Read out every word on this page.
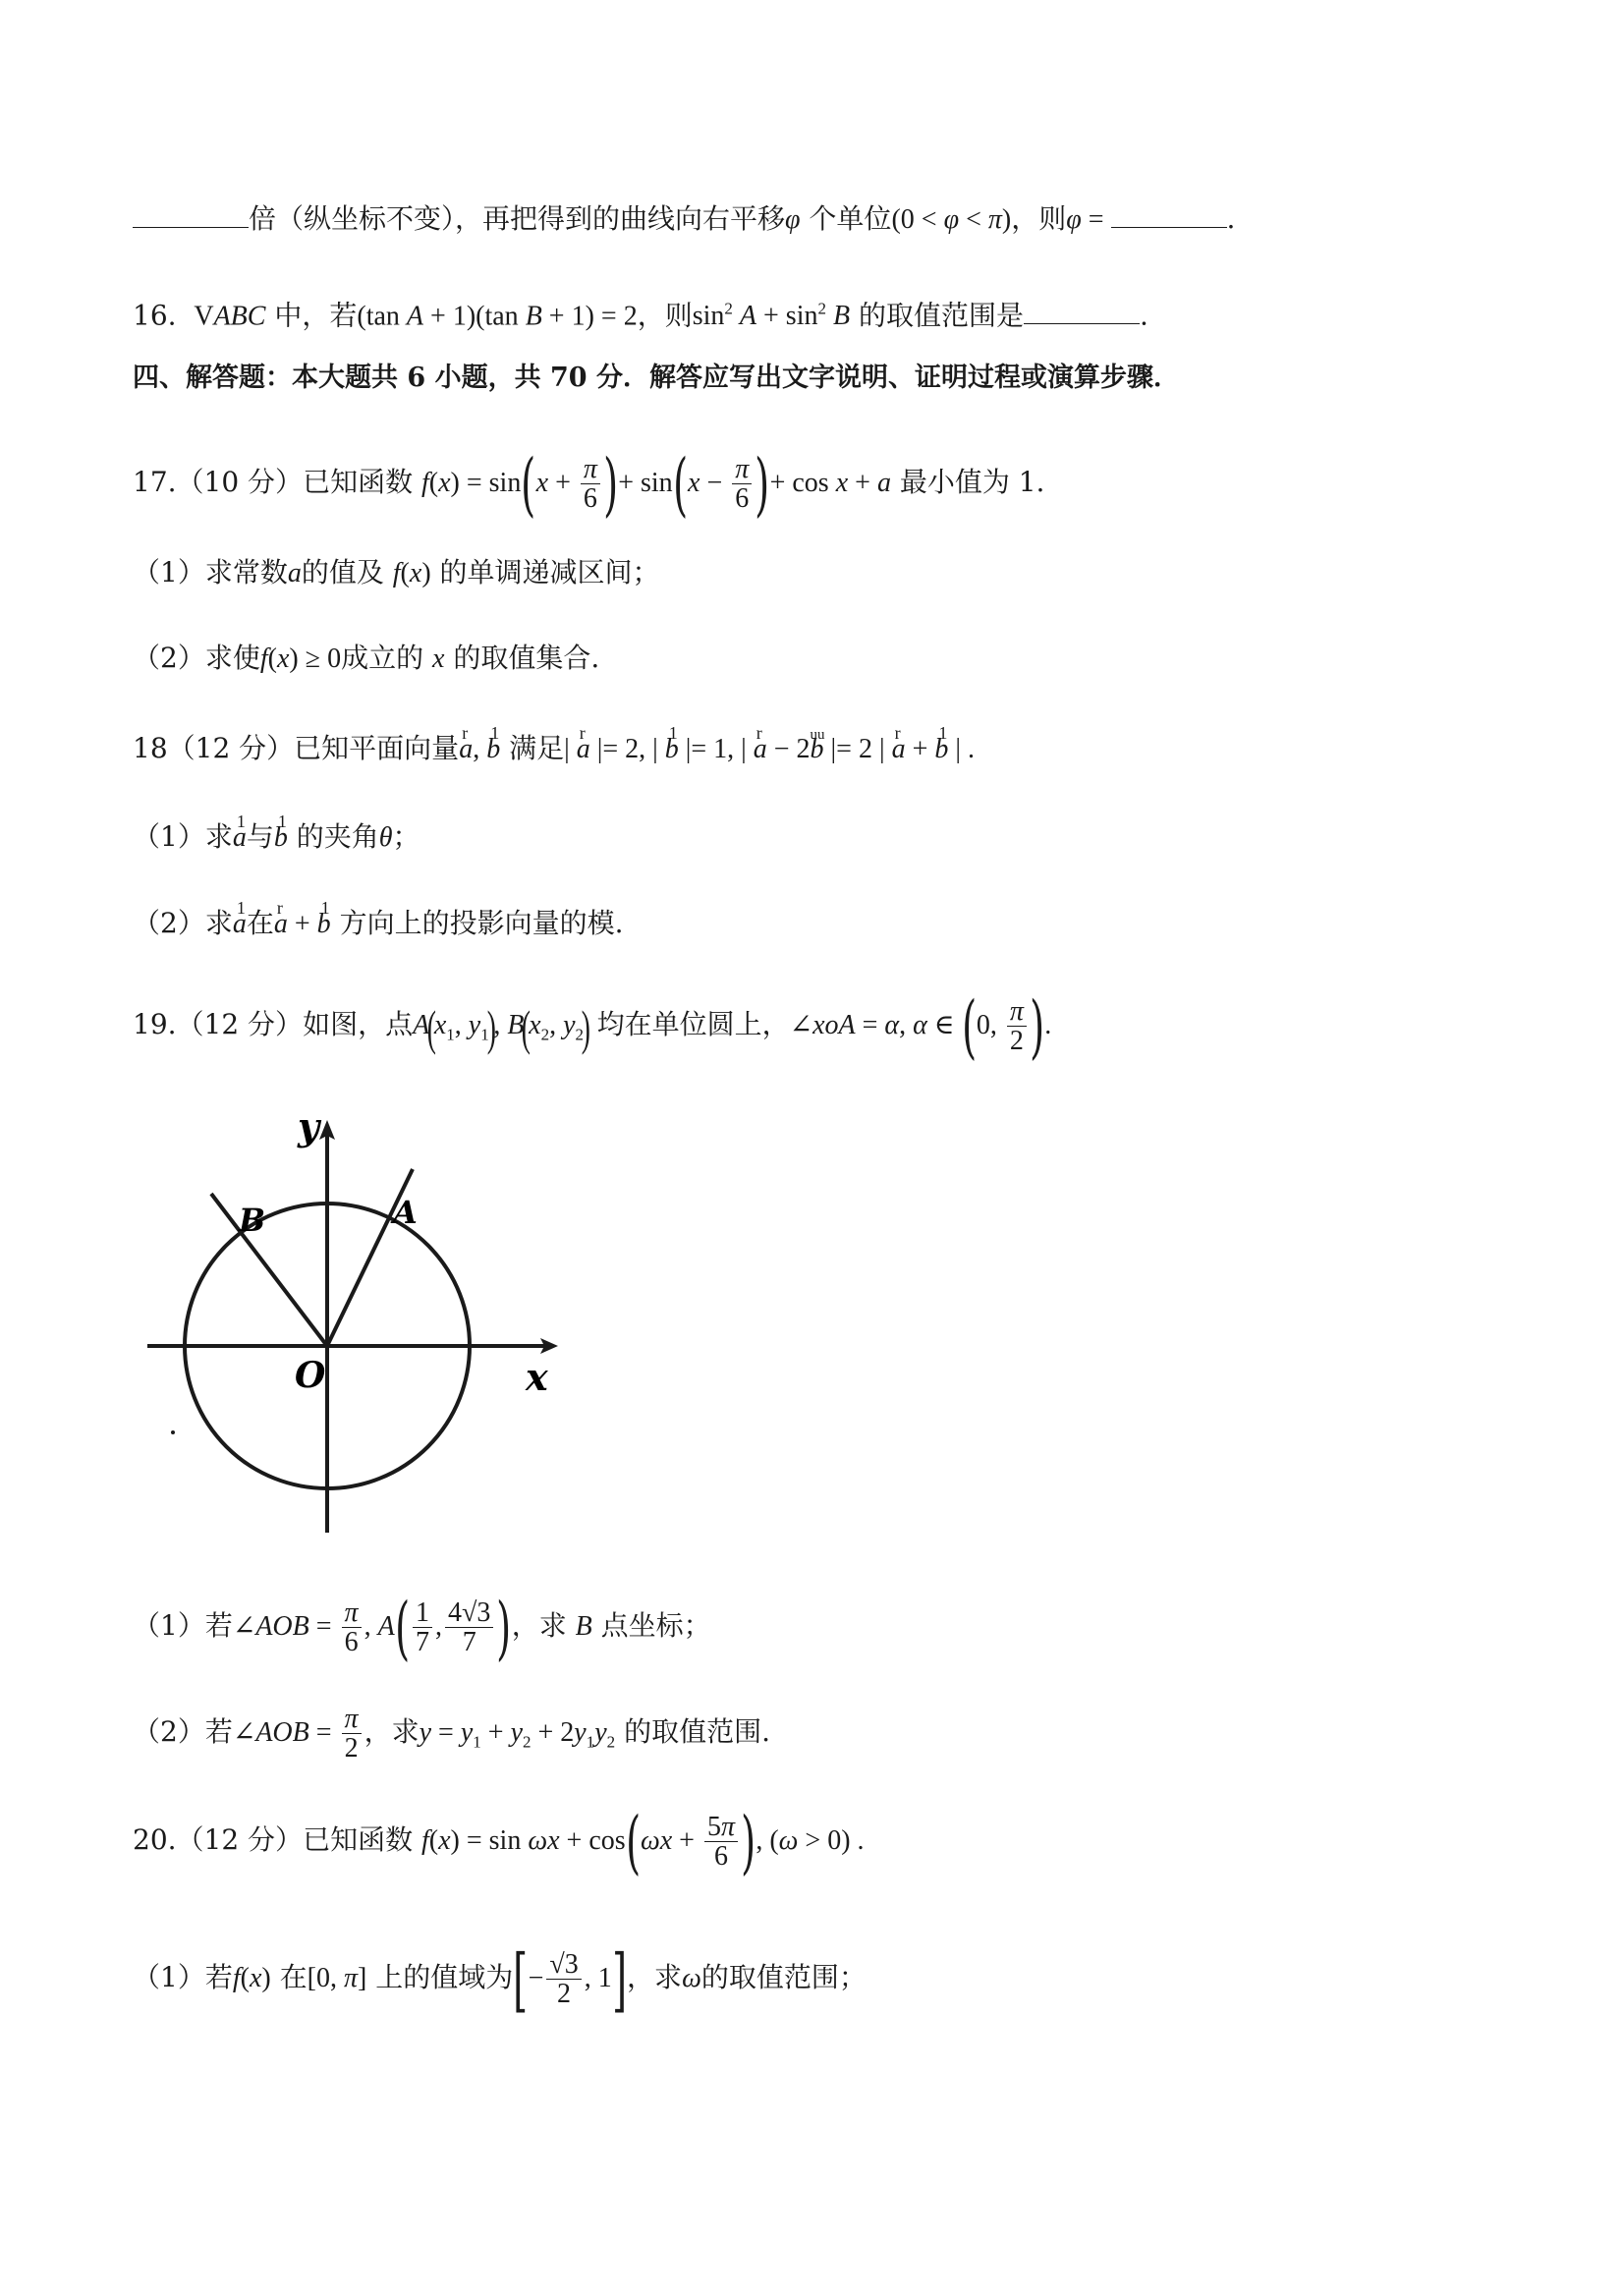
倍（纵坐标不变），再把得到的曲线向右平移φ 个单位(0 < φ < π)，则φ =	.
16. VABC 中，若(tan A + 1)(tan B + 1) = 2，则$\sin^2 A + \sin^2 B$ 的取值范围是	.
四、解答题：本大题共 6 小题，共 70 分．解答应写出文字说明、证明过程或演算步骤．
17.（10 分）已知函数 $f(x) = \sin(x + \frac{\pi}{6}$ )+ $\sin(x - \frac{\pi}{6}$ )+ cos x + a 最小值为 1.
（1）求常数a的值及 f(x) 的单调递减区间；
（2）求使f(x) ≥ 0成立的 x 的取值集合.
18（12 分）已知平面向量r a, 1 b 满足| r a |= 2, | 1 b |= 1, | r a − 2uu b |= 2 | r a + 1 b | .
（1）求1 a与1 b 的夹角θ；
（2）求1 a在r a + 1 b 方向上的投影向量的模.
19.（12 分）如图，点$A(x_1$, $y_1$), $B(x_2$, $y_2$) 均在单位圆上，∠xoA = α, α ∈ (0, $\frac{\pi}{2}$ ).
y
x
O
A
B
（1）若∠AOB = $\frac{\pi}{6}$ , $A( \frac{1}{7}$ , $\frac{4√3}{7}$ )，求 B 点坐标；
（2）若∠AOB = $\frac{\pi}{2}$ ，求$y = y_1 + y_2 + 2y_1y_2$ 的取值范围.
20.（12 分）已知函数 $f(x) = \sin \omega x + \cos(\omega x + \frac{5\pi}{6}$ ), (ω > 0) .
（1）若f(x) 在[0, π] 上的值域为[− $\frac{√3}{2}$ , 1]，求ω的取值范围；
